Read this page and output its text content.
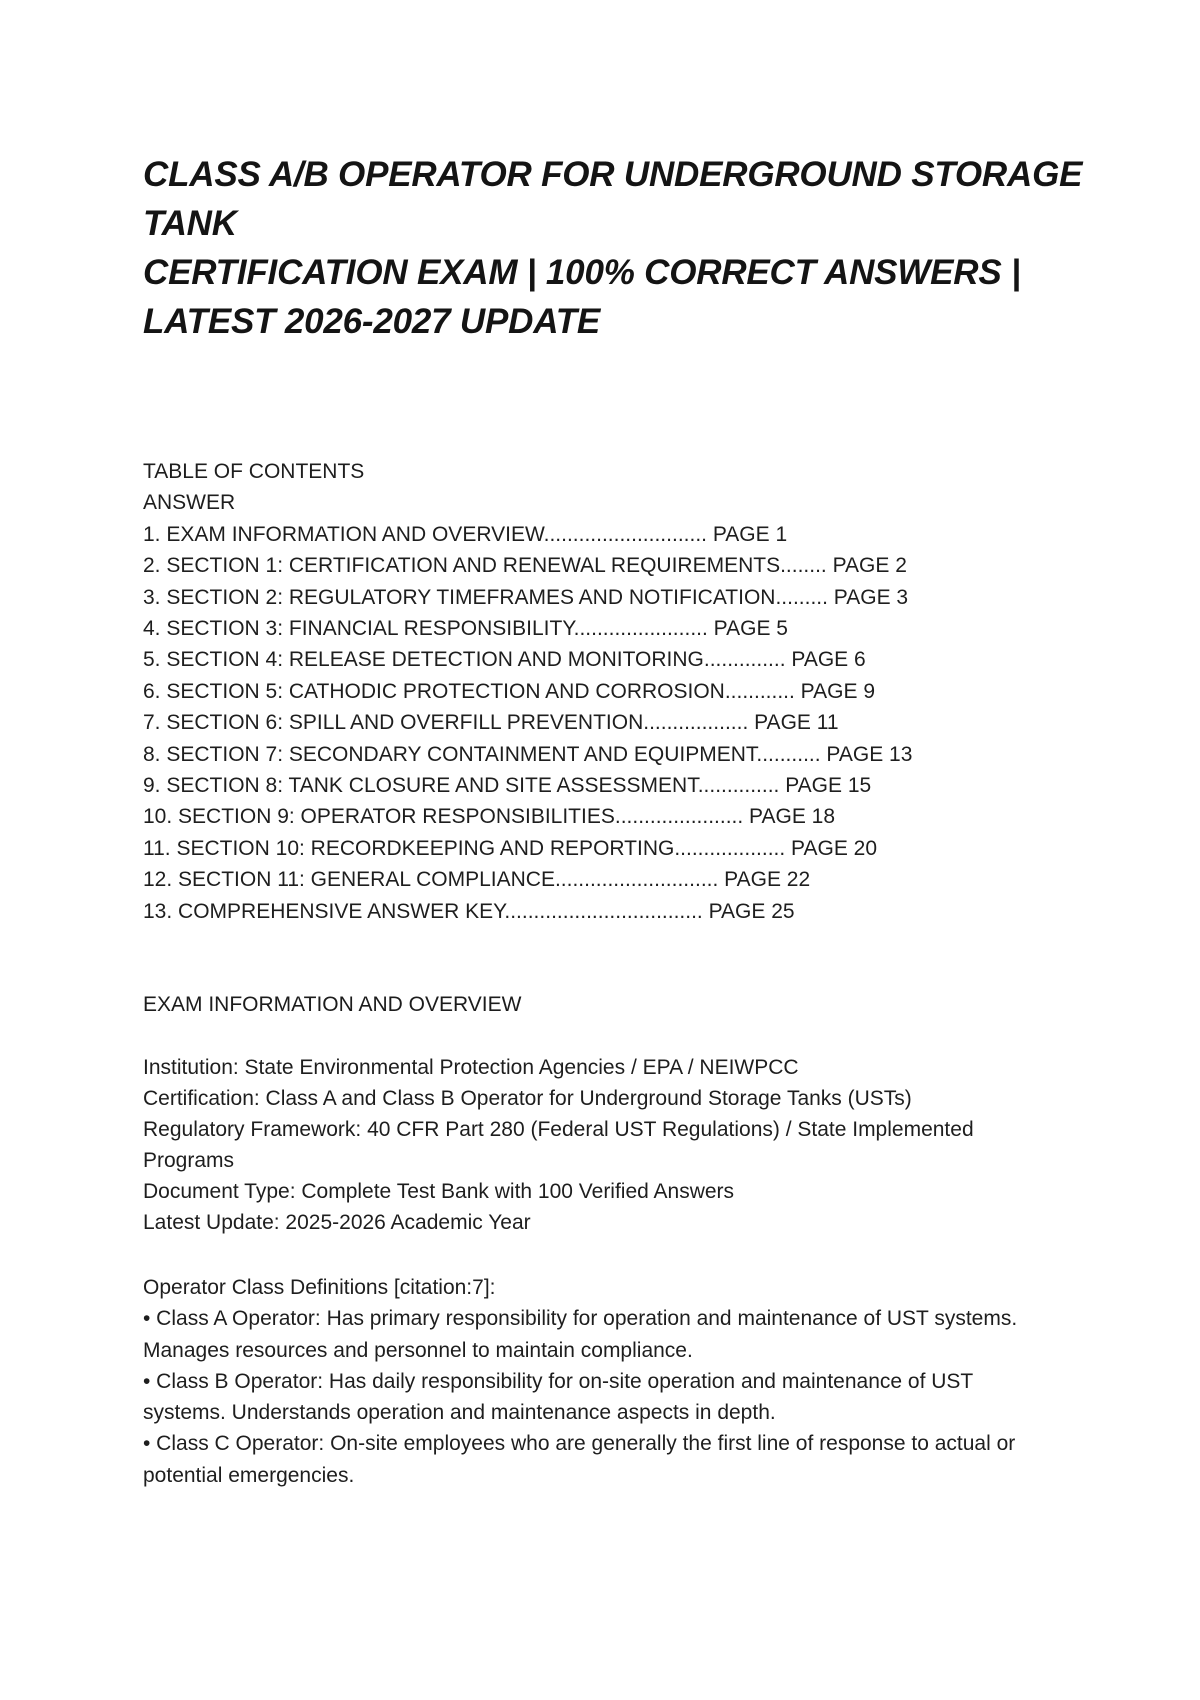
CLASS A/B OPERATOR FOR UNDERGROUND STORAGE
TANK
CERTIFICATION EXAM | 100% CORRECT ANSWERS |
LATEST 2026-2027 UPDATE
TABLE OF CONTENTS
ANSWER
1. EXAM INFORMATION AND OVERVIEW............................ PAGE 1
2. SECTION 1: CERTIFICATION AND RENEWAL REQUIREMENTS........ PAGE 2
3. SECTION 2: REGULATORY TIMEFRAMES AND NOTIFICATION......... PAGE 3
4. SECTION 3: FINANCIAL RESPONSIBILITY....................... PAGE 5
5. SECTION 4: RELEASE DETECTION AND MONITORING.............. PAGE 6
6. SECTION 5: CATHODIC PROTECTION AND CORROSION............ PAGE 9
7. SECTION 6: SPILL AND OVERFILL PREVENTION.................. PAGE 11
8. SECTION 7: SECONDARY CONTAINMENT AND EQUIPMENT........... PAGE 13
9. SECTION 8: TANK CLOSURE AND SITE ASSESSMENT.............. PAGE 15
10. SECTION 9: OPERATOR RESPONSIBILITIES...................... PAGE 18
11. SECTION 10: RECORDKEEPING AND REPORTING................... PAGE 20
12. SECTION 11: GENERAL COMPLIANCE............................ PAGE 22
13. COMPREHENSIVE ANSWER KEY.................................. PAGE 25
EXAM INFORMATION AND OVERVIEW
Institution: State Environmental Protection Agencies / EPA / NEIWPCC
Certification: Class A and Class B Operator for Underground Storage Tanks (USTs)
Regulatory Framework: 40 CFR Part 280 (Federal UST Regulations) / State Implemented
Programs
Document Type: Complete Test Bank with 100 Verified Answers
Latest Update: 2025-2026 Academic Year
Operator Class Definitions [citation:7]:
• Class A Operator: Has primary responsibility for operation and maintenance of UST systems.
Manages resources and personnel to maintain compliance.
• Class B Operator: Has daily responsibility for on-site operation and maintenance of UST
systems. Understands operation and maintenance aspects in depth.
• Class C Operator: On-site employees who are generally the first line of response to actual or
potential emergencies.
